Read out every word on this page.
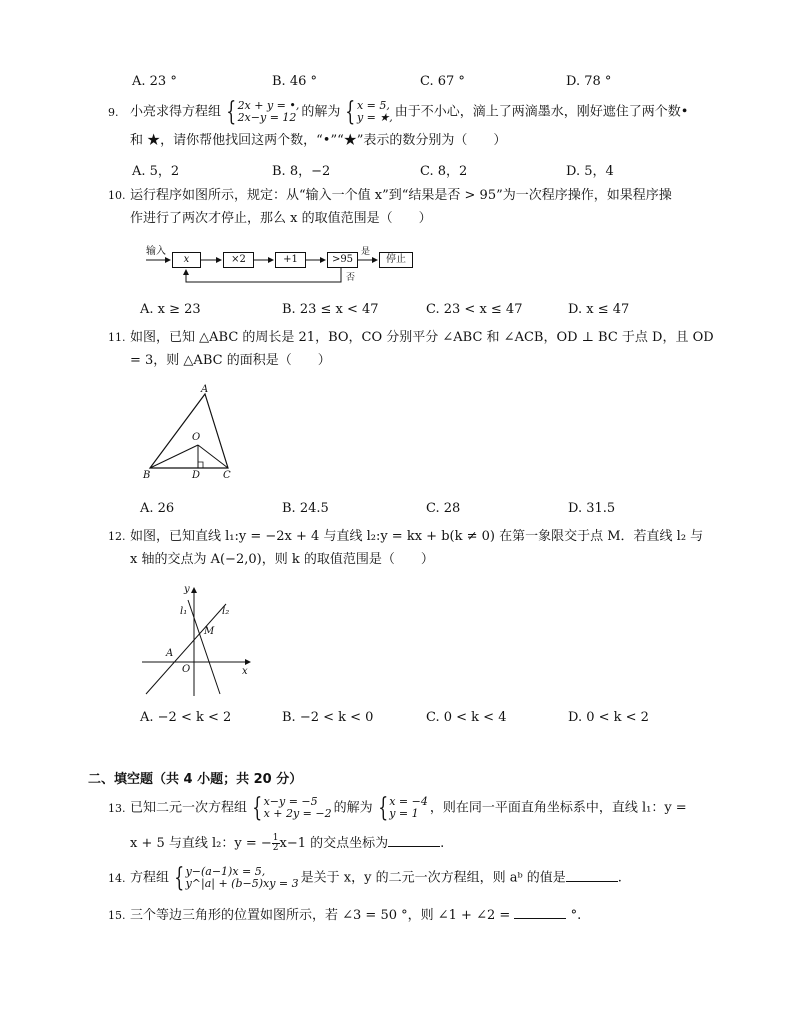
A. 23 °	B. 46 °	C. 67 °	D. 78 °
9. 小亮求得方程组 { 2x + y = •,
2x−y = 12 的解为 { x = 5,
y = ★, 由于不小心，滴上了两滴墨水，刚好遮住了两个数•
和 ★，请你帮他找回这两个数，“•”“★”表示的数分别为（　　）
A. 5，2	B. 8，−2	C. 8，2	D. 5，4
10. 运行程序如图所示，规定：从“输入一个值 x”到“结果是否 > 95”为一次程序操作，如果程序操
作进行了两次才停止，那么 x 的取值范围是（　　）
输入
x	×2	+1	>95
是
否
停止
A. x ≥ 23	B. 23 ≤ x < 47	C. 23 < x ≤ 47	D. x ≤ 47
11. 如图，已知 △ABC 的周长是 21，BO，CO 分别平分 ∠ABC 和 ∠ACB，OD ⊥ BC 于点 D，且 OD
= 3，则 △ABC 的面积是（　　）
A
B	C
O
D
A. 26	B. 24.5	C. 28	D. 31.5
12. 如图，已知直线 l₁:y = −2x + 4 与直线 l₂:y = kx + b(k ≠ 0) 在第一象限交于点 M．若直线 l₂ 与
x 轴的交点为 A(−2,0)，则 k 的取值范围是（　　）
y
x
l₁	l₂
M
A
O
A. −2 < k < 2	B. −2 < k < 0	C. 0 < k < 4	D. 0 < k < 2
二、填空题（共 4 小题；共 20 分）
13. 已知二元一次方程组 { x−y = −5
x + 2y = −2 的解为 { x = −4
y = 1 ，则在同一平面直角坐标系中，直线 l₁：y =
x + 5 与直线 l₂：y = − $\frac{1}{2} x-1$ 的交点坐标为	.
14. 方程组 { y−(a−1)x = 5,
y^|a| + (b−5)xy = 3 是关于 x，y 的二元一次方程组，则 aᵇ 的值是	.
15. 三个等边三角形的位置如图所示，若 ∠3 = 50 °，则 ∠1 + ∠2 =	°.
